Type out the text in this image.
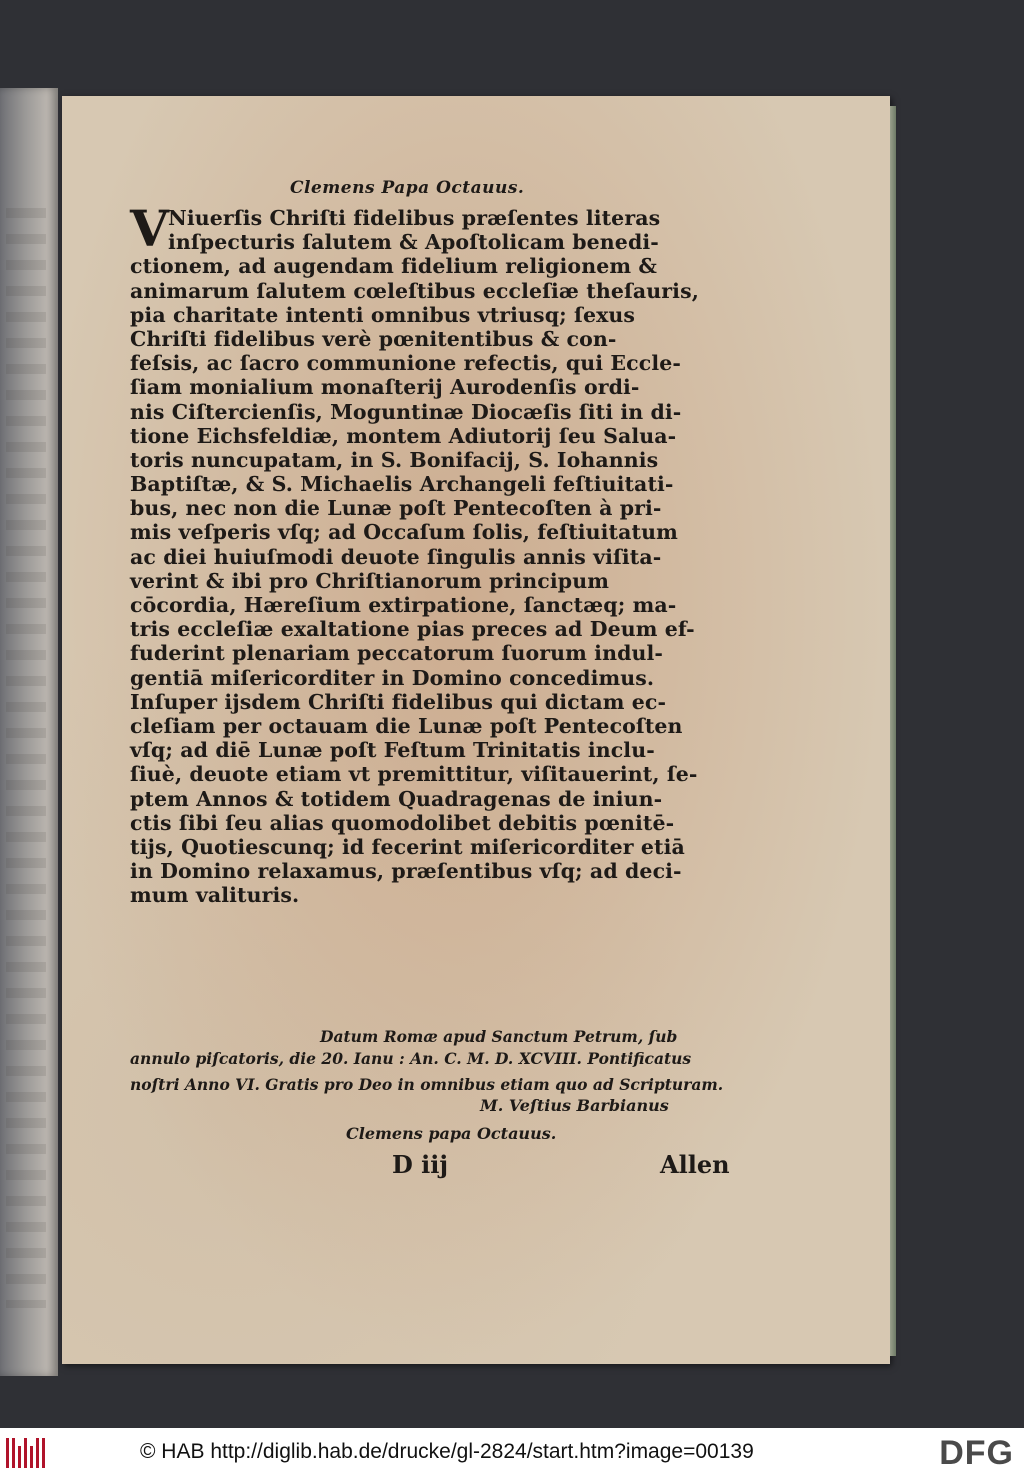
Clemens Papa Octauus.
V Niuerſis Chriſti fidelibus præſentes literas
inſpecturis ſalutem & Apoſtolicam benedi-
ctionem, ad augendam fidelium religionem &
animarum ſalutem cœleſtibus eccleſiæ theſauris,
pia charitate intenti omnibus vtriusq; ſexus
Chriſti fidelibus verè pœnitentibus & con-
feſsis, ac ſacro communione refectis, qui Eccle-
ſiam monialium monaſterij Aurodenſis ordi-
nis Ciſtercienſis, Moguntinæ Diocæſis ſiti in di-
tione Eichsfeldiæ, montem Adiutorij ſeu Salua-
toris nuncupatam, in S. Bonifacij, S. Iohannis
Baptiſtæ, & S. Michaelis Archangeli feſtiuitati-
bus, nec non die Lunæ poſt Pentecoſten à pri-
mis veſperis vſq; ad Occaſum ſolis, feſtiuitatum
ac diei huiuſmodi deuote ſingulis annis viſita-
verint & ibi pro Chriſtianorum principum
cōcordia, Hæreſium extirpatione, ſanctæq; ma-
tris eccleſiæ exaltatione pias preces ad Deum ef-
fuderint plenariam peccatorum ſuorum indul-
gentiā miſericorditer in Domino concedimus.
Inſuper ijsdem Chriſti fidelibus qui dictam ec-
cleſiam per octauam die Lunæ poſt Pentecoſten
vſq; ad diē Lunæ poſt Feſtum Trinitatis inclu-
ſiuè, deuote etiam vt premittitur, viſitauerint, ſe-
ptem Annos & totidem Quadragenas de iniun-
ctis ſibi ſeu alias quomodolibet debitis pœnitē-
tijs, Quotiescunq; id fecerint miſericorditer etiā
in Domino relaxamus, præſentibus vſq; ad deci-
mum valituris.
Datum Romæ apud Sanctum Petrum, ſub
annulo piſcatoris, die 20. Ianu : An. C. M. D. XCVIII. Pontificatus
noſtri Anno VI. Gratis pro Deo in omnibus etiam quo ad Scripturam.
M. Veſtius Barbianus
Clemens papa Octauus.
D iij	Allen
© HAB http://diglib.hab.de/drucke/gl-2824/start.htm?image=00139	DFG
